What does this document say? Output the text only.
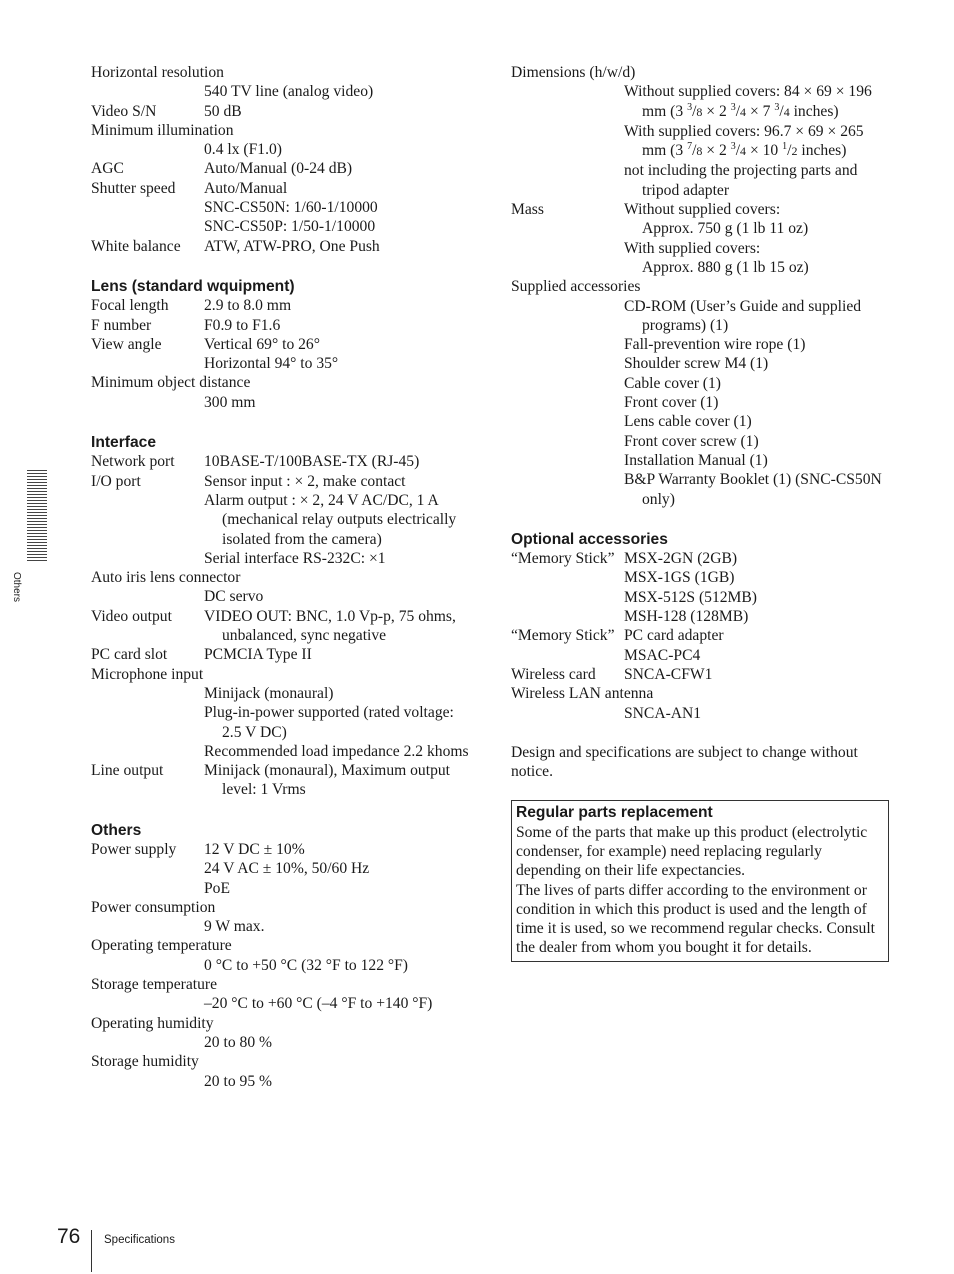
Others
Horizontal resolution
540 TV line (analog video)
Video S/N	50 dB
Minimum illumination
0.4 lx (F1.0)
AGC	Auto/Manual (0-24 dB)
Shutter speed	Auto/Manual
SNC-CS50N: 1/60-1/10000
SNC-CS50P: 1/50-1/10000
White balance	ATW, ATW-PRO, One Push
Lens (standard wquipment)
Focal length	2.9 to 8.0 mm
F number	F0.9 to F1.6
View angle	Vertical 69° to 26°
Horizontal 94° to 35°
Minimum object distance
300 mm
Interface
Network port	10BASE-T/100BASE-TX (RJ-45)
I/O port	Sensor input : × 2, make contact
Alarm output : × 2, 24 V AC/DC, 1 A (mechanical relay outputs electrically isolated from the camera)
Serial interface RS-232C: ×1
Auto iris lens connector
DC servo
Video output	VIDEO OUT: BNC, 1.0 Vp-p, 75 ohms, unbalanced, sync negative
PC card slot	PCMCIA Type II
Microphone input
Minijack (monaural)
Plug-in-power supported (rated voltage: 2.5 V DC)
Recommended load impedance 2.2 khoms
Line output	Minijack (monaural), Maximum output level: 1 Vrms
Others
Power supply	12 V DC ± 10%
24 V AC ± 10%, 50/60 Hz
PoE
Power consumption
9 W max.
Operating temperature
0 °C to +50 °C (32 °F to 122 °F)
Storage temperature
–20 °C to +60 °C (–4 °F to +140 °F)
Operating humidity
20 to 80 %
Storage humidity
20 to 95 %
Dimensions (h/w/d)
Without supplied covers: 84 × 69 × 196 mm (3 $^3$/8 × 2 $^3$/4 × 7 $^3$/4 inches)
With supplied covers: 96.7 × 69 × 265 mm (3 $^7$/8 × 2 $^3$/4 × 10 $^1$/2 inches)
not including the projecting parts and tripod adapter
Mass	Without supplied covers:
Approx. 750 g (1 lb 11 oz)
With supplied covers:
Approx. 880 g (1 lb 15 oz)
Supplied accessories
CD-ROM (User’s Guide and supplied programs) (1)
Fall-prevention wire rope (1)
Shoulder screw M4 (1)
Cable cover (1)
Front cover (1)
Lens cable cover (1)
Front cover screw (1)
Installation Manual (1)
B&P Warranty Booklet (1) (SNC-CS50N only)
Optional accessories
“Memory Stick” MSX-2GN (2GB)
MSX-1GS (1GB)
MSX-512S (512MB)
MSH-128 (128MB)
“Memory Stick” PC card adapter
MSAC-PC4
Wireless card	SNCA-CFW1
Wireless LAN antenna
SNCA-AN1
Design and specifications are subject to change without notice.
Regular parts replacement
Some of the parts that make up this product (electrolytic condenser, for example) need replacing regularly depending on their life expectancies.
The lives of parts differ according to the environment or condition in which this product is used and the length of time it is used, so we recommend regular checks. Consult the dealer from whom you bought it for details.
76 Specifications
